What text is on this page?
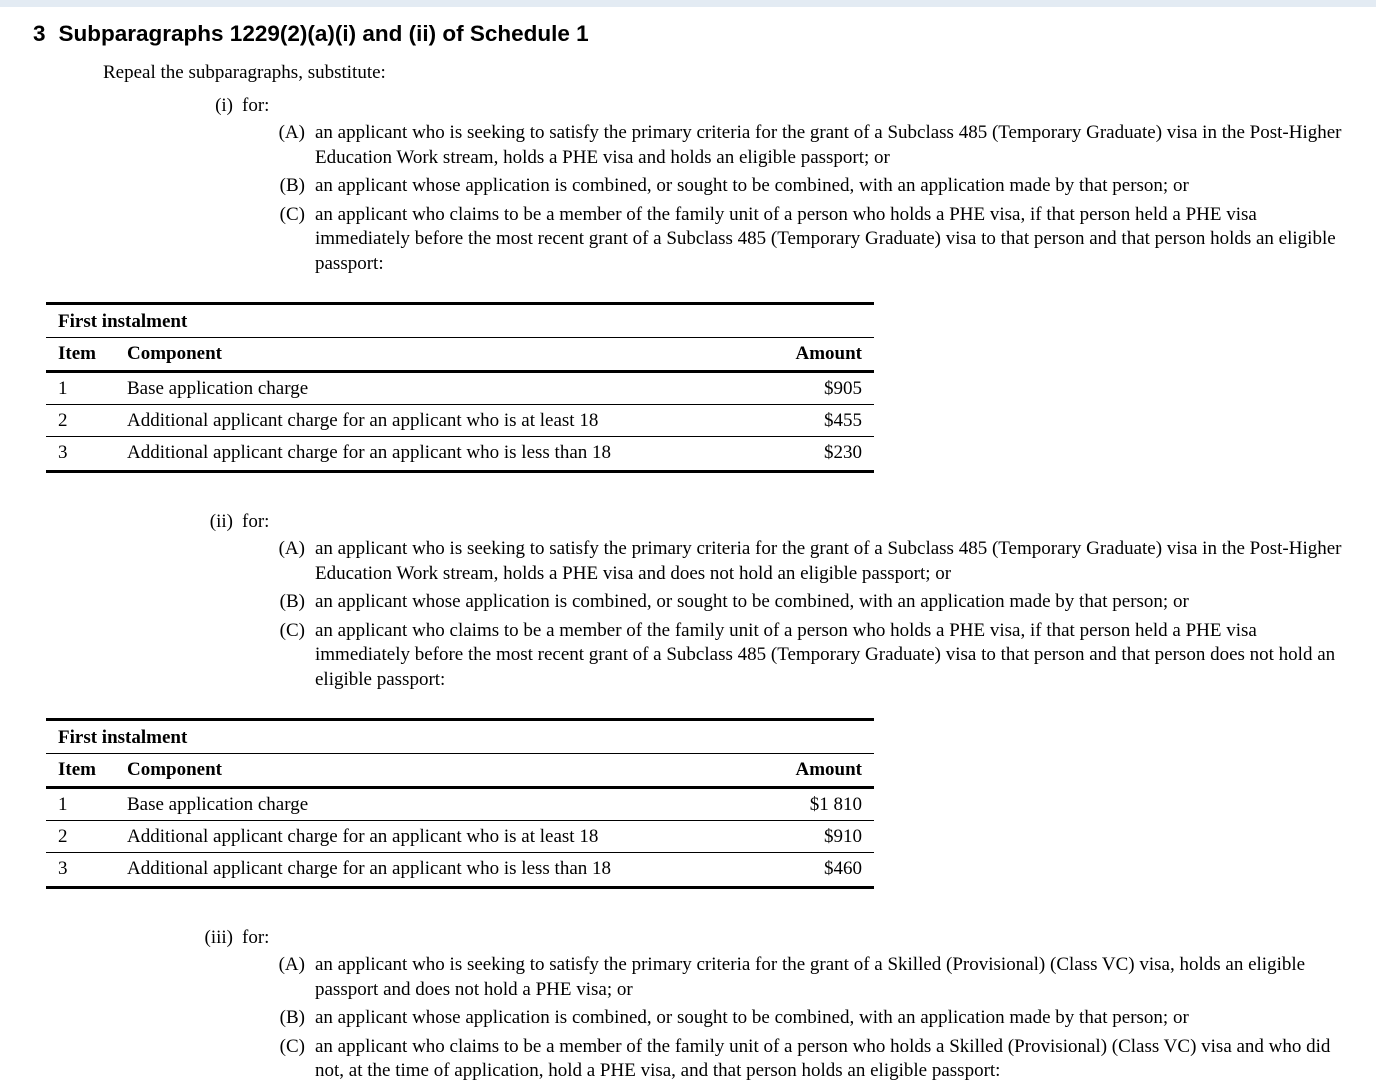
3 Subparagraphs 1229(2)(a)(i) and (ii) of Schedule 1

Repeal the subparagraphs, substitute:

(i) for:
(A) an applicant who is seeking to satisfy the primary criteria for the grant of a Subclass 485 (Temporary Graduate) visa in the Post-Higher Education Work stream, holds a PHE visa and holds an eligible passport; or
(B) an applicant whose application is combined, or sought to be combined, with an application made by that person; or
(C) an applicant who claims to be a member of the family unit of a person who holds a PHE visa, if that person held a PHE visa immediately before the most recent grant of a Subclass 485 (Temporary Graduate) visa to that person and that person holds an eligible passport:
First instalment		
Item	Component	Amount
1	Base application charge	$905
2	Additional applicant charge for an applicant who is at least 18	$455
3	Additional applicant charge for an applicant who is less than 18	$230
(ii) for:
(A) an applicant who is seeking to satisfy the primary criteria for the grant of a Subclass 485 (Temporary Graduate) visa in the Post-Higher Education Work stream, holds a PHE visa and does not hold an eligible passport; or
(B) an applicant whose application is combined, or sought to be combined, with an application made by that person; or
(C) an applicant who claims to be a member of the family unit of a person who holds a PHE visa, if that person held a PHE visa immediately before the most recent grant of a Subclass 485 (Temporary Graduate) visa to that person and that person does not hold an eligible passport:
First instalment		
Item	Component	Amount
1	Base application charge	$1 810
2	Additional applicant charge for an applicant who is at least 18	$910
3	Additional applicant charge for an applicant who is less than 18	$460
(iii) for:
(A) an applicant who is seeking to satisfy the primary criteria for the grant of a Skilled (Provisional) (Class VC) visa, holds an eligible passport and does not hold a PHE visa; or
(B) an applicant whose application is combined, or sought to be combined, with an application made by that person; or
(C) an applicant who claims to be a member of the family unit of a person who holds a Skilled (Provisional) (Class VC) visa and who did not, at the time of application, hold a PHE visa, and that person holds an eligible passport:
